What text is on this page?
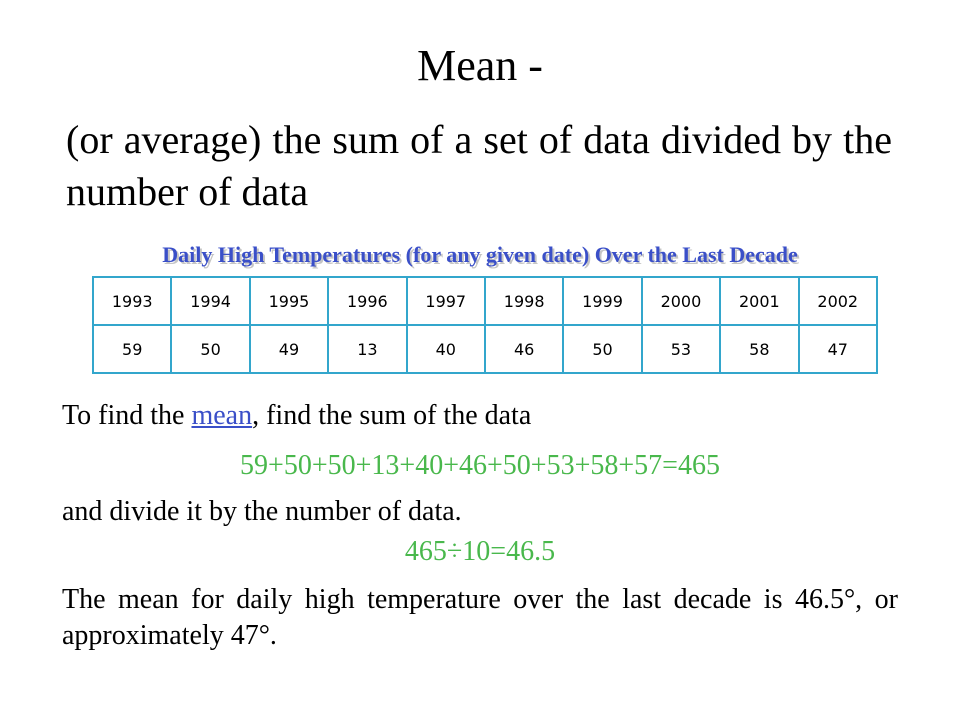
Mean -
(or average) the sum of a set of data divided by the number of data
Daily High Temperatures (for any given date) Over the Last Decade
1993	1994	1995	1996	1997	1998	1999	2000	2001	2002
59	50	49	13	40	46	50	53	58	47
To find the mean, find the sum of the data
59+50+50+13+40+46+50+53+58+57=465
and divide it by the number of data.
465÷10=46.5
The mean for daily high temperature over the last decade is 46.5°, or approximately 47°.
